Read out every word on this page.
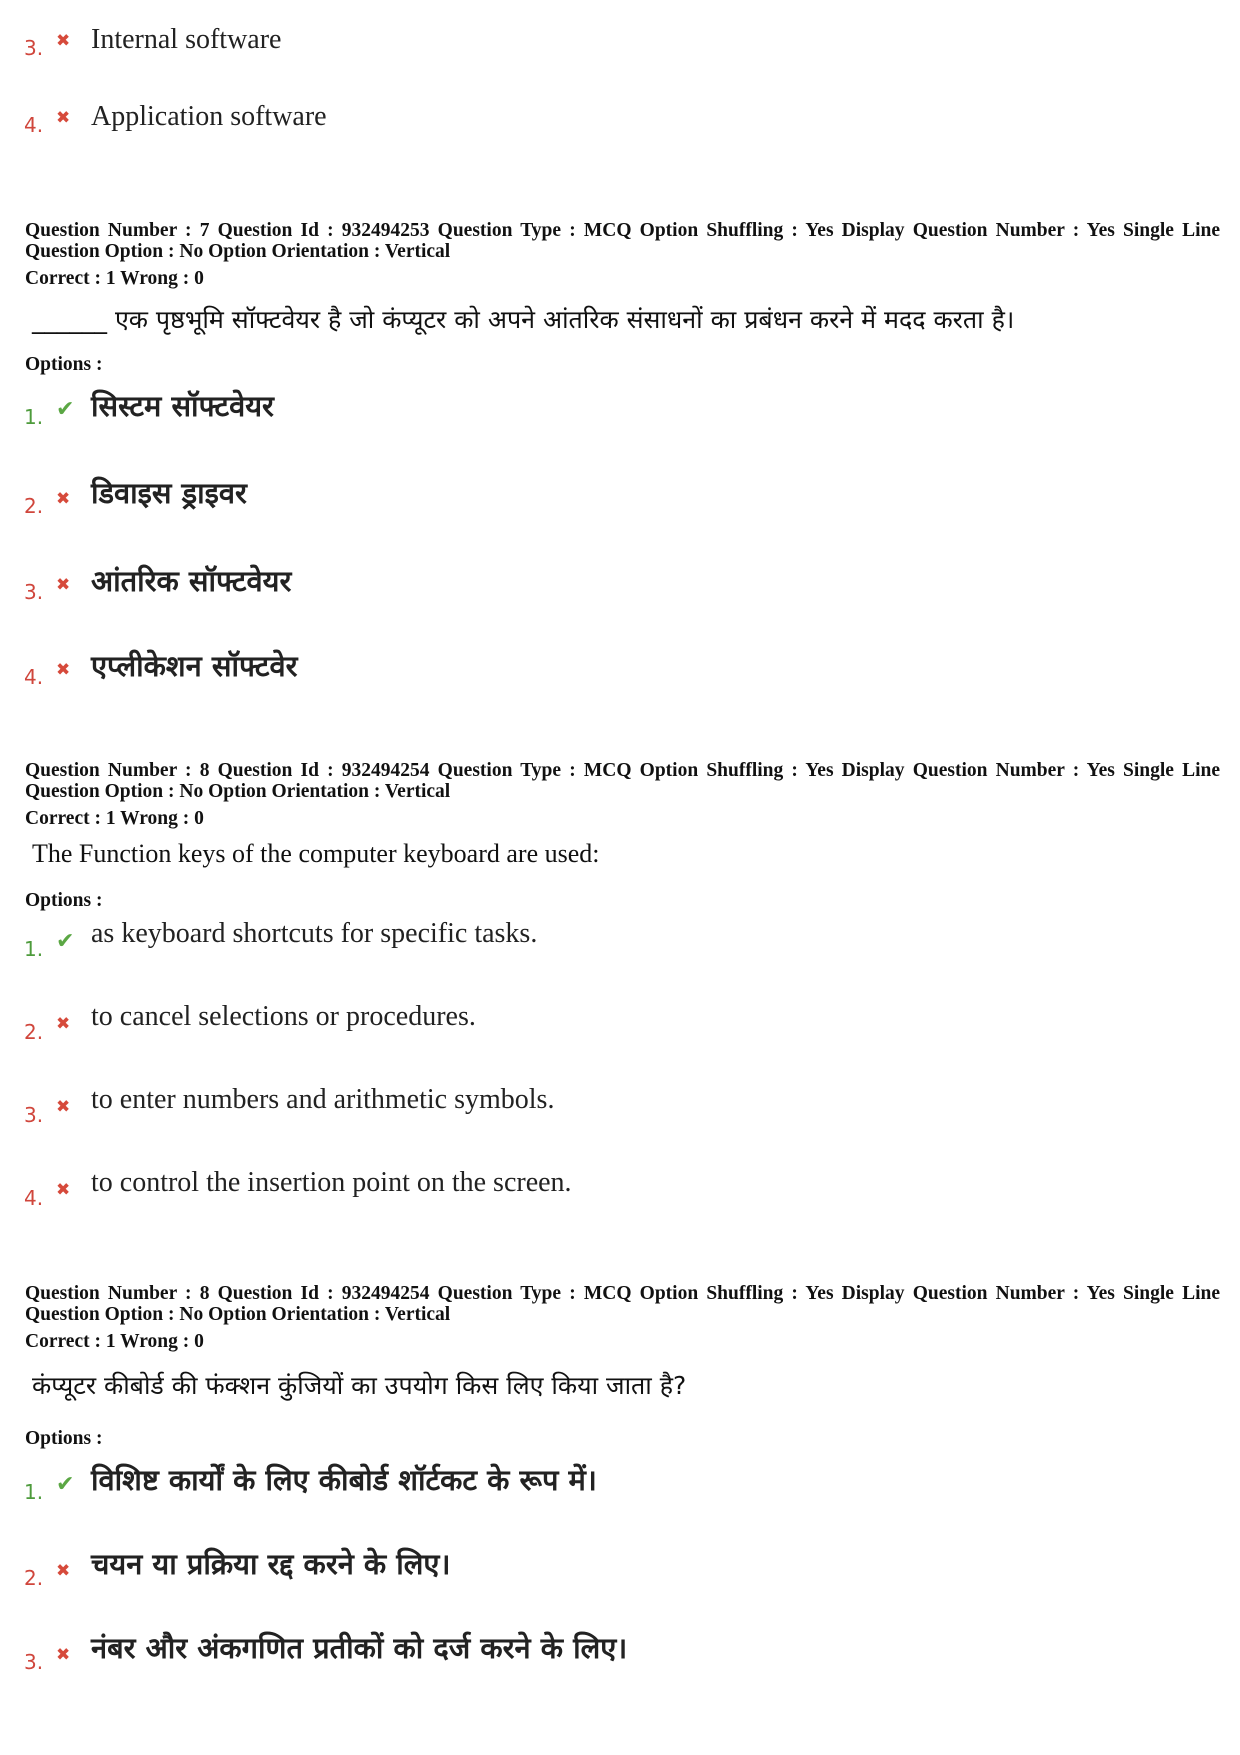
3. ✖ Internal software
4. ✖ Application software
Question Number : 7 Question Id : 932494253 Question Type : MCQ Option Shuffling : Yes Display Question Number : Yes Single Line Question Option : No Option Orientation : Vertical
Correct : 1 Wrong : 0
______ एक पृष्ठभूमि सॉफ्टवेयर है जो कंप्यूटर को अपने आंतरिक संसाधनों का प्रबंधन करने में मदद करता है।
Options :
1. ✔ सिस्टम सॉफ्टवेयर
2. ✖ डिवाइस ड्राइवर
3. ✖ आंतरिक सॉफ्टवेयर
4. ✖ एप्लीकेशन सॉफ्टवेर
Question Number : 8 Question Id : 932494254 Question Type : MCQ Option Shuffling : Yes Display Question Number : Yes Single Line Question Option : No Option Orientation : Vertical
Correct : 1 Wrong : 0
The Function keys of the computer keyboard are used:
Options :
1. ✔ as keyboard shortcuts for specific tasks.
2. ✖ to cancel selections or procedures.
3. ✖ to enter numbers and arithmetic symbols.
4. ✖ to control the insertion point on the screen.
Question Number : 8 Question Id : 932494254 Question Type : MCQ Option Shuffling : Yes Display Question Number : Yes Single Line Question Option : No Option Orientation : Vertical
Correct : 1 Wrong : 0
कंप्यूटर कीबोर्ड की फंक्शन कुंजियों का उपयोग किस लिए किया जाता है?
Options :
1. ✔ विशिष्ट कार्यों के लिए कीबोर्ड शॉर्टकट के रूप में।
2. ✖ चयन या प्रक्रिया रद्द करने के लिए।
3. ✖ नंबर और अंकगणित प्रतीकों को दर्ज करने के लिए।
